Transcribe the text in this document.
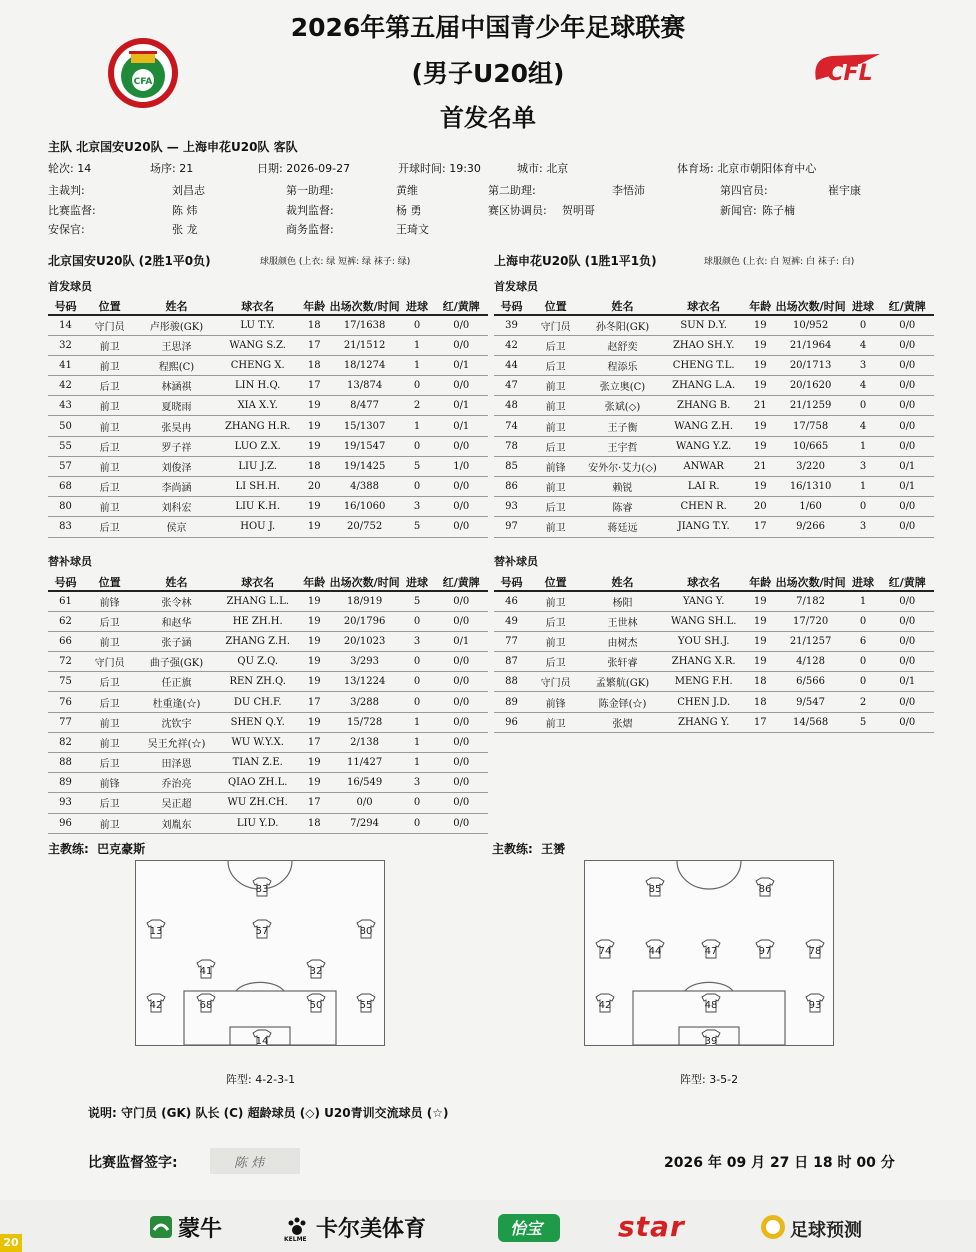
CFA	CFL
2026年第五届中国青少年足球联赛
(男子U20组)
首发名单
主队 北京国安U20队 — 上海申花U20队 客队
轮次: 14	场序: 21	日期: 2026-09-27	开球时间: 19:30	城市: 北京	体育场: 北京市朝阳体育中心
主裁判:	刘昌志	第一助理:	黄维	第二助理:	李悟沛	第四官员:	崔宇康
比赛监督:	陈 炜	裁判监督:	杨 勇	赛区协调员: 贺明哥	新闻官: 陈子楠
安保官:	张 龙	商务监督:	王琦文
北京国安U20队 (2胜1平0负)	球服颜色 (上衣: 绿 短裤: 绿 袜子: 绿)	上海申花U20队 (1胜1平1负)	球服颜色 (上衣: 白 短裤: 白 袜子: 白)
首发球员	首发球员
号码	位置	姓名	球衣名	年龄	出场次数/时间	进球	红/黄牌
14	守门员	卢彤骏(GK)	LU T.Y.	18	17/1638	0	0/0
32	前卫	王思泽	WANG S.Z.	17	21/1512	1	0/0
41	前卫	程熙(C)	CHENG X.	18	18/1274	1	0/1
42	后卫	林涵祺	LIN H.Q.	17	13/874	0	0/0
43	前卫	夏晓雨	XIA X.Y.	19	8/477	2	0/1
50	前卫	张昊冉	ZHANG H.R.	19	15/1307	1	0/1
55	后卫	罗子祥	LUO Z.X.	19	19/1547	0	0/0
57	前卫	刘俊泽	LIU J.Z.	18	19/1425	5	1/0
68	后卫	李尚涵	LI SH.H.	20	4/388	0	0/0
80	前卫	刘科宏	LIU K.H.	19	16/1060	3	0/0
83	后卫	侯京	HOU J.	19	20/752	5	0/0
号码	位置	姓名	球衣名	年龄	出场次数/时间	进球	红/黄牌
39	守门员	孙冬阳(GK)	SUN D.Y.	19	10/952	0	0/0
42	后卫	赵舒奕	ZHAO SH.Y.	19	21/1964	4	0/0
44	后卫	程添乐	CHENG T.L.	19	20/1713	3	0/0
47	前卫	张立奥(C)	ZHANG L.A.	19	20/1620	4	0/0
48	前卫	张斌(◇)	ZHANG B.	21	21/1259	0	0/0
74	前卫	王子衡	WANG Z.H.	19	17/758	4	0/0
78	后卫	王宇哲	WANG Y.Z.	19	10/665	1	0/0
85	前锋	安外尔·艾力(◇)	ANWAR	21	3/220	3	0/1
86	前卫	赖锐	LAI R.	19	16/1310	1	0/1
93	后卫	陈睿	CHEN R.	20	1/60	0	0/0
97	前卫	蒋廷远	JIANG T.Y.	17	9/266	3	0/0
替补球员	替补球员
号码	位置	姓名	球衣名	年龄	出场次数/时间	进球	红/黄牌
61	前锋	张令林	ZHANG L.L.	19	18/919	5	0/0
62	后卫	和赵华	HE ZH.H.	19	20/1796	0	0/0
66	前卫	张子涵	ZHANG Z.H.	19	20/1023	3	0/1
72	守门员	曲子强(GK)	QU Z.Q.	19	3/293	0	0/0
75	后卫	任正旗	REN ZH.Q.	19	13/1224	0	0/0
76	后卫	杜重逢(☆)	DU CH.F.	17	3/288	0	0/0
77	前卫	沈钦宇	SHEN Q.Y.	19	15/728	1	0/0
82	前卫	吴王允祥(☆)	WU W.Y.X.	17	2/138	1	0/0
88	后卫	田泽恩	TIAN Z.E.	19	11/427	1	0/0
89	前锋	乔治亮	QIAO ZH.L.	19	16/549	3	0/0
93	后卫	吴正超	WU ZH.CH.	17	0/0	0	0/0
96	前卫	刘胤东	LIU Y.D.	18	7/294	0	0/0
号码	位置	姓名	球衣名	年龄	出场次数/时间	进球	红/黄牌
46	前卫	杨阳	YANG Y.	19	7/182	1	0/0
49	后卫	王世林	WANG SH.L.	19	17/720	0	0/0
77	前卫	由树杰	YOU SH.J.	19	21/1257	6	0/0
87	后卫	张轩睿	ZHANG X.R.	19	4/128	0	0/0
88	守门员	孟繁航(GK)	MENG F.H.	18	6/566	0	0/1
89	前锋	陈金铎(☆)	CHEN J.D.	18	9/547	2	0/0
96	前卫	张熠	ZHANG Y.	17	14/568	5	0/0
主教练: 巴克豪斯	主教练: 王赟
83
13	57	80
41	32
42	68	50	55
14
85	86
74	44	47	97	78
42	48	93
39
阵型: 4-2-3-1	阵型: 3-5-2
说明: 守门员 (GK) 队长 (C) 超龄球员 (◇) U20青训交流球员 (☆)
比赛监督签字:	陈 炜	2026 年 09 月 27 日 18 时 00 分
蒙牛	KELME 卡尔美体育	怡宝	star	足球预测
20
